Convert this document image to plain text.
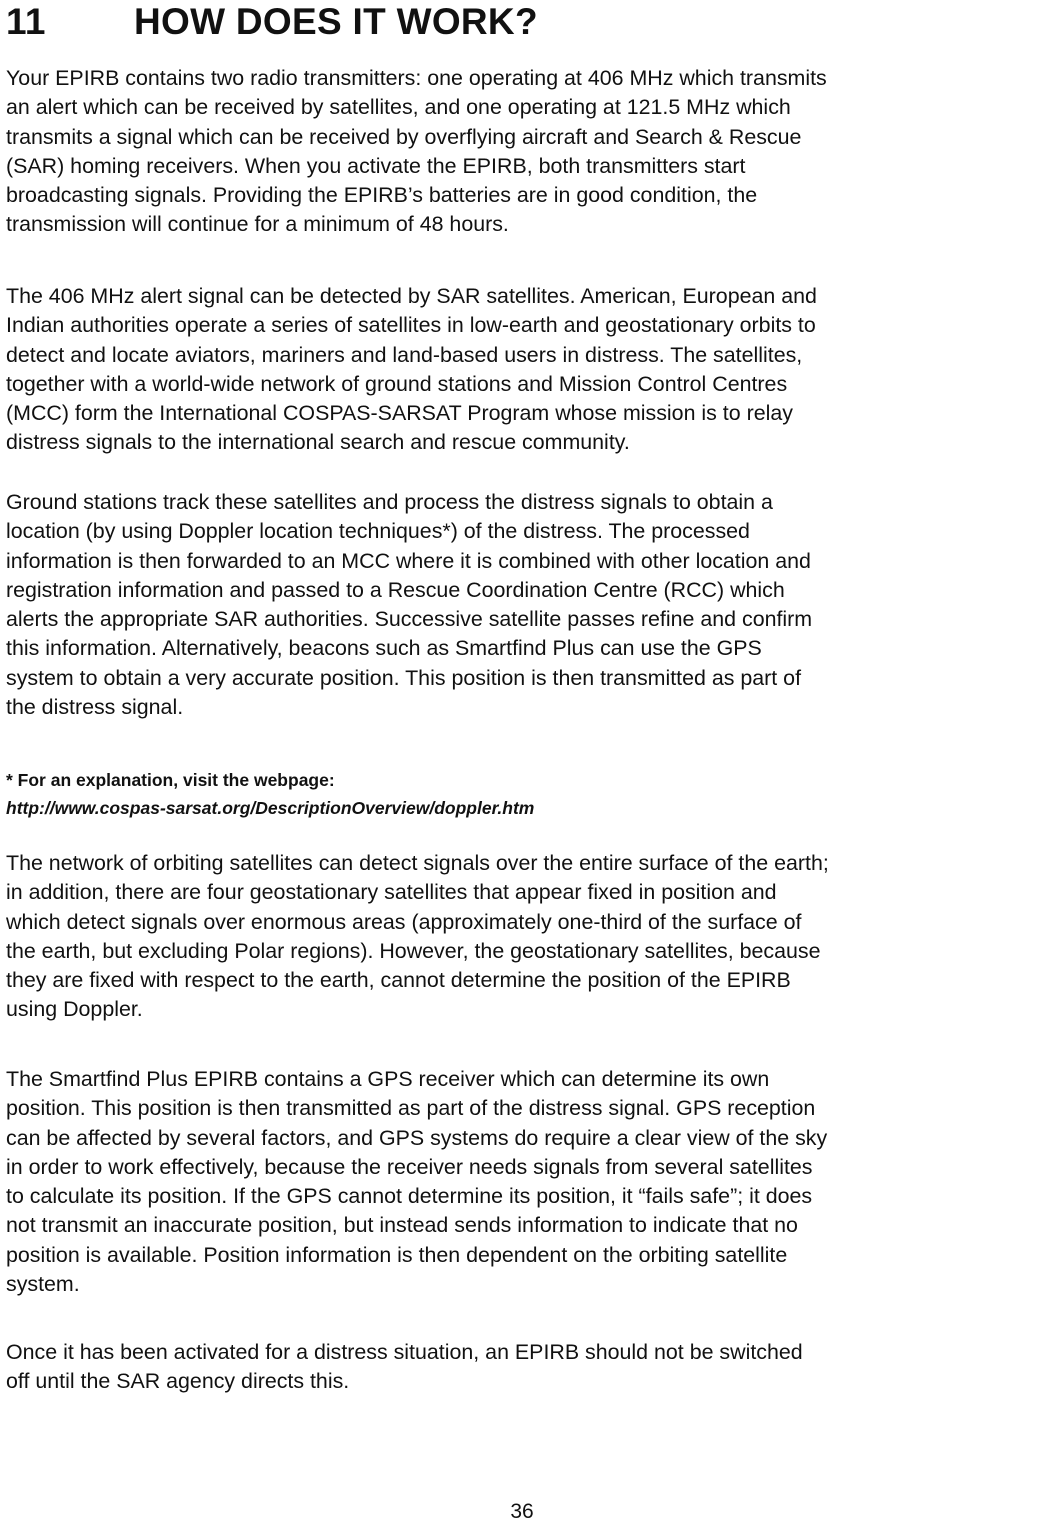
11 HOW DOES IT WORK?

Your EPIRB contains two radio transmitters: one operating at 406 MHz which transmits
an alert which can be received by satellites, and one operating at 121.5 MHz which
transmits a signal which can be received by overflying aircraft and Search & Rescue
(SAR) homing receivers. When you activate the EPIRB, both transmitters start
broadcasting signals. Providing the EPIRB’s batteries are in good condition, the
transmission will continue for a minimum of 48 hours.

The 406 MHz alert signal can be detected by SAR satellites. American, European and
Indian authorities operate a series of satellites in low-earth and geostationary orbits to
detect and locate aviators, mariners and land-based users in distress. The satellites,
together with a world-wide network of ground stations and Mission Control Centres
(MCC) form the International COSPAS-SARSAT Program whose mission is to relay
distress signals to the international search and rescue community.

Ground stations track these satellites and process the distress signals to obtain a
location (by using Doppler location techniques*) of the distress. The processed
information is then forwarded to an MCC where it is combined with other location and
registration information and passed to a Rescue Coordination Centre (RCC) which
alerts the appropriate SAR authorities. Successive satellite passes refine and confirm
this information. Alternatively, beacons such as Smartfind Plus can use the GPS
system to obtain a very accurate position. This position is then transmitted as part of
the distress signal.

* For an explanation, visit the webpage:
http://www.cospas-sarsat.org/DescriptionOverview/doppler.htm

The network of orbiting satellites can detect signals over the entire surface of the earth;
in addition, there are four geostationary satellites that appear fixed in position and
which detect signals over enormous areas (approximately one-third of the surface of
the earth, but excluding Polar regions). However, the geostationary satellites, because
they are fixed with respect to the earth, cannot determine the position of the EPIRB
using Doppler.

The Smartfind Plus EPIRB contains a GPS receiver which can determine its own
position. This position is then transmitted as part of the distress signal. GPS reception
can be affected by several factors, and GPS systems do require a clear view of the sky
in order to work effectively, because the receiver needs signals from several satellites
to calculate its position. If the GPS cannot determine its position, it “fails safe”; it does
not transmit an inaccurate position, but instead sends information to indicate that no
position is available. Position information is then dependent on the orbiting satellite
system.

Once it has been activated for a distress situation, an EPIRB should not be switched
off until the SAR agency directs this.

36
